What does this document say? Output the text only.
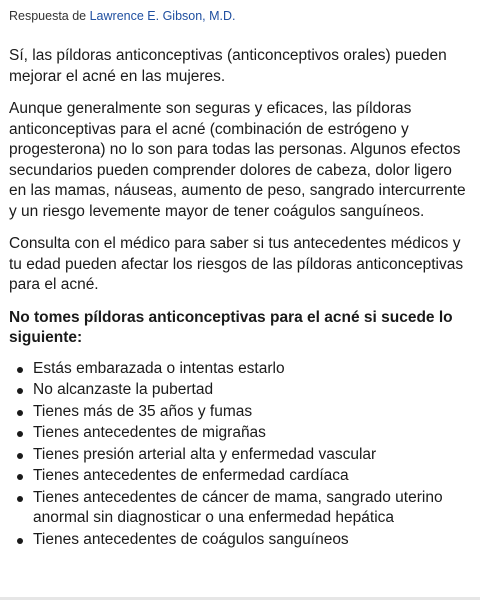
Respuesta de Lawrence E. Gibson, M.D.

Sí, las píldoras anticonceptivas (anticonceptivos orales) pueden mejorar el acné en las mujeres.

Aunque generalmente son seguras y eficaces, las píldoras anticonceptivas para el acné (combinación de estrógeno y progesterona) no lo son para todas las personas. Algunos efectos secundarios pueden comprender dolores de cabeza, dolor ligero en las mamas, náuseas, aumento de peso, sangrado intercurrente y un riesgo levemente mayor de tener coágulos sanguíneos.

Consulta con el médico para saber si tus antecedentes médicos y tu edad pueden afectar los riesgos de las píldoras anticonceptivas para el acné.

No tomes píldoras anticonceptivas para el acné si sucede lo siguiente:
Estás embarazada o intentas estarlo
No alcanzaste la pubertad
Tienes más de 35 años y fumas
Tienes antecedentes de migrañas
Tienes presión arterial alta y enfermedad vascular
Tienes antecedentes de enfermedad cardíaca
Tienes antecedentes de cáncer de mama, sangrado uterino anormal sin diagnosticar o una enfermedad hepática
Tienes antecedentes de coágulos sanguíneos
